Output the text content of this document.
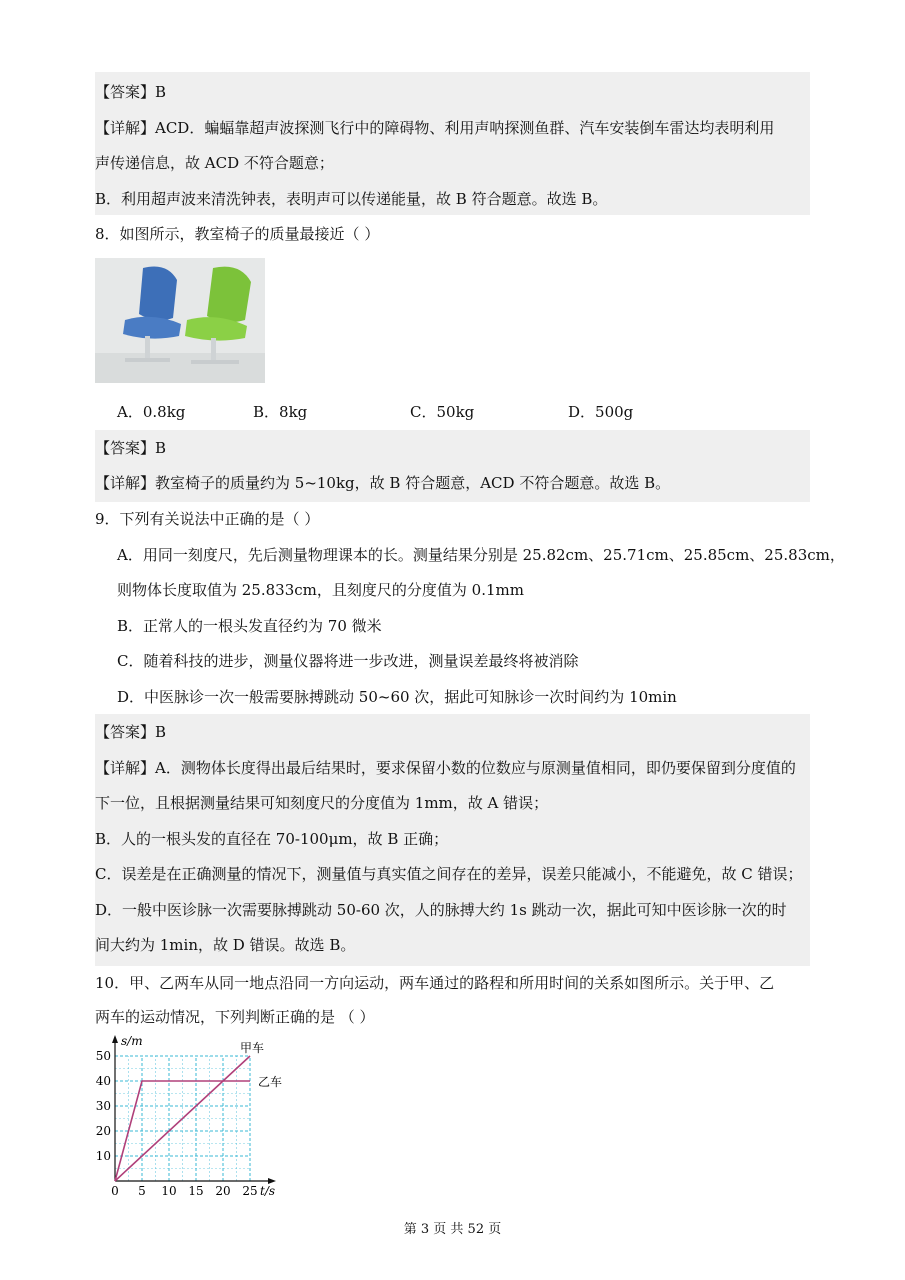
【答案】B
【详解】ACD．蝙蝠靠超声波探测飞行中的障碍物、利用声呐探测鱼群、汽车安装倒车雷达均表明利用
声传递信息，故 ACD 不符合题意；
B．利用超声波来清洗钟表，表明声可以传递能量，故 B 符合题意。故选 B。
8．如图所示，教室椅子的质量最接近（ ）
A．0.8kg	B．8kg	C．50kg	D．500g
【答案】B
【详解】教室椅子的质量约为 5~10kg，故 B 符合题意，ACD 不符合题意。故选 B。
9．下列有关说法中正确的是（ ）
A．用同一刻度尺，先后测量物理课本的长。测量结果分别是 25.82cm、25.71cm、25.85cm、25.83cm，
则物体长度取值为 25.833cm，且刻度尺的分度值为 0.1mm
B．正常人的一根头发直径约为 70 微米
C．随着科技的进步，测量仪器将进一步改进，测量误差最终将被消除
D．中医脉诊一次一般需要脉搏跳动 50~60 次，据此可知脉诊一次时间约为 10min
【答案】B
【详解】A．测物体长度得出最后结果时，要求保留小数的位数应与原测量值相同，即仍要保留到分度值的
下一位，且根据测量结果可知刻度尺的分度值为 1mm，故 A 错误；
B．人的一根头发的直径在 70-100μm，故 B 正确；
C．误差是在正确测量的情况下，测量值与真实值之间存在的差异，误差只能减小，不能避免，故 C 错误；
D．一般中医诊脉一次需要脉搏跳动 50-60 次，人的脉搏大约 1s 跳动一次，据此可知中医诊脉一次的时
间大约为 1min，故 D 错误。故选 B。
10．甲、乙两车从同一地点沿同一方向运动，两车通过的路程和所用时间的关系如图所示。关于甲、乙
两车的运动情况，下列判断正确的是 （ ）
0 5 10 15 20 25
10
20
30
40
50
s/m
t/s
甲车
乙车
第 3 页 共 52 页
